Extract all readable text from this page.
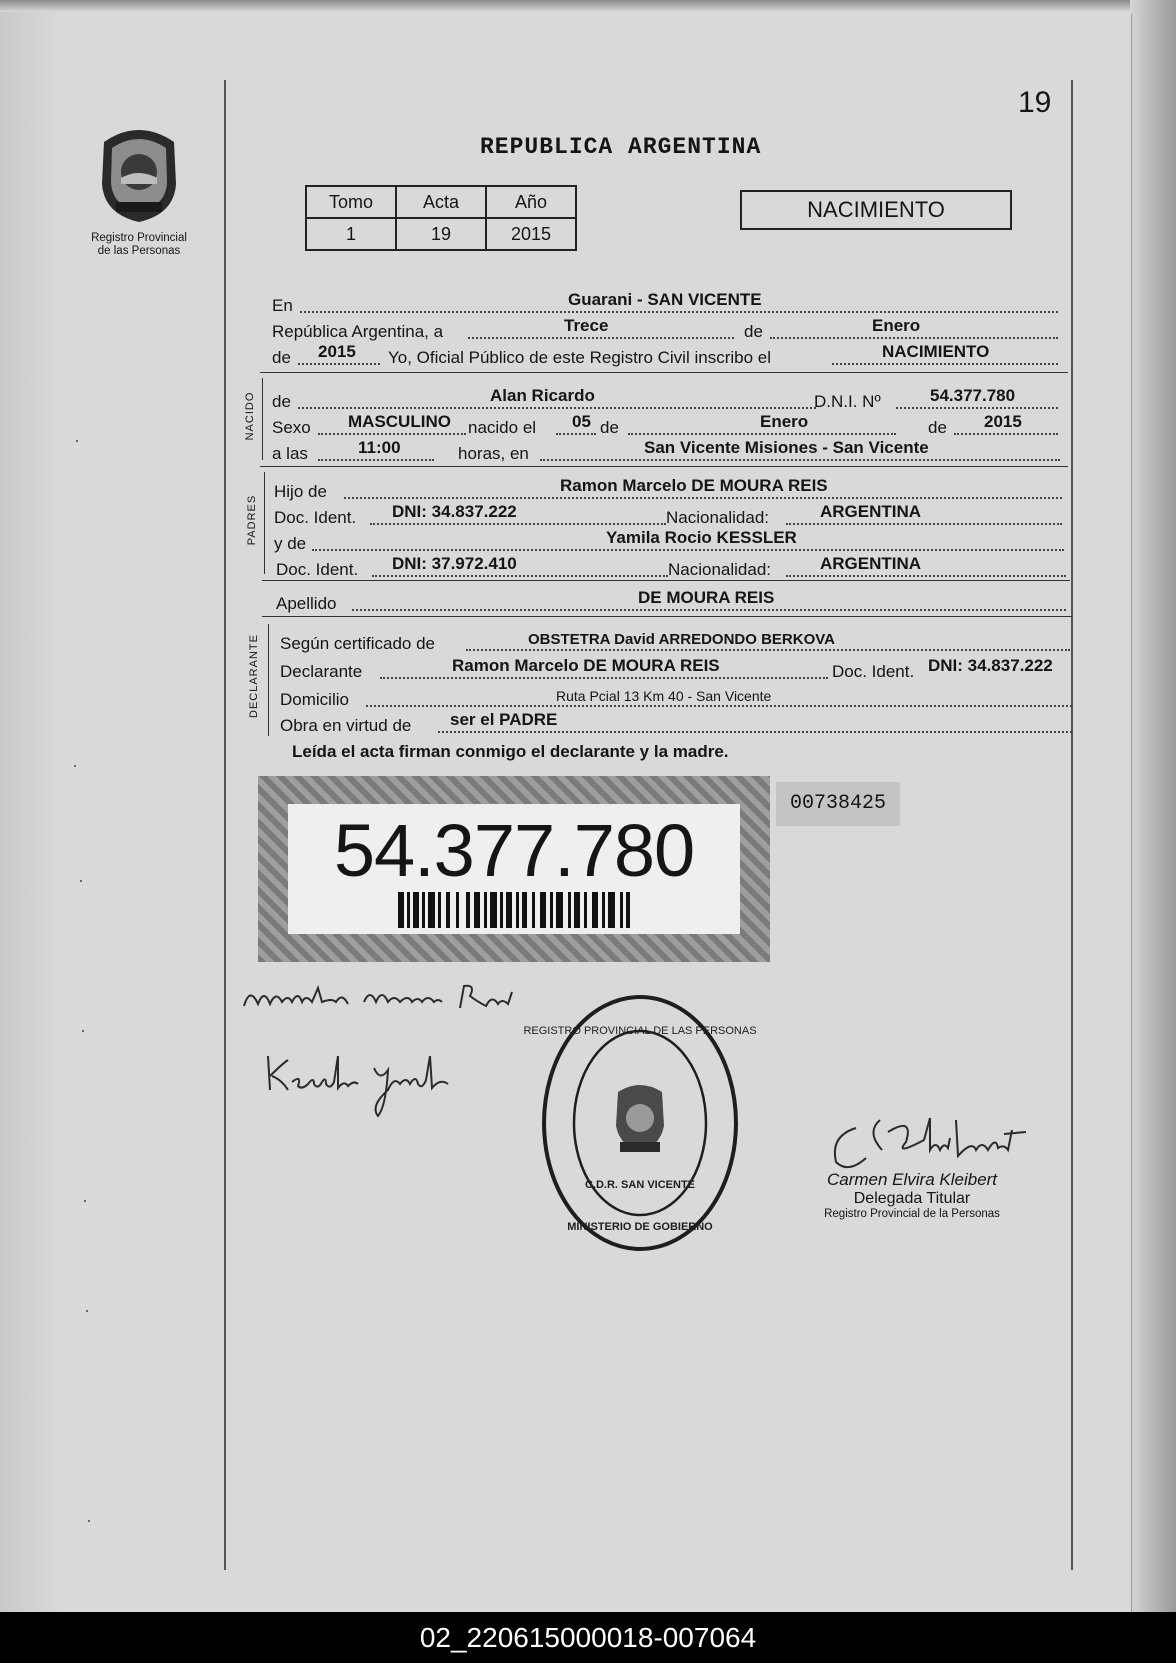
19
REPUBLICA ARGENTINA
Registro Provincial
de las Personas
Tomo	Acta	Año
1	19	2015
NACIMIENTO
En	Guarani - SAN VICENTE
República Argentina, a	Trece	de	Enero
de 2015 Yo, Oficial Público de este Registro Civil inscribo el	NACIMIENTO
NACIDO de	Alan Ricardo	D.N.I. Nº	54.377.780
Sexo MASCULINO nacido el 05 de	Enero	de 2015
a las	11:00	horas, en	San Vicente Misiones - San Vicente
PADRES
Hijo de	Ramon Marcelo DE MOURA REIS
Doc. Ident. DNI: 34.837.222	Nacionalidad:	ARGENTINA
y de	Yamila Rocio KESSLER
Doc. Ident. DNI: 37.972.410	Nacionalidad:	ARGENTINA
Apellido	DE MOURA REIS
DECLARANTE Según certificado de	OBSTETRA David ARREDONDO BERKOVA
Declarante	Ramon Marcelo DE MOURA REIS	Doc. Ident. DNI: 34.837.222
Domicilio	Ruta Pcial 13 Km 40 - San Vicente
Obra en virtud de ser el PADRE
Leída el acta firman conmigo el declarante y la madre.
54.377.780
00738425
REGISTRO PROVINCIAL DE LAS PERSONAS
C.D.R. SAN VICENTE
MINISTERIO DE GOBIERNO
Carmen Elvira Kleibert
Delegada Titular
Registro Provincial de la Personas
02_220615000018-007064
